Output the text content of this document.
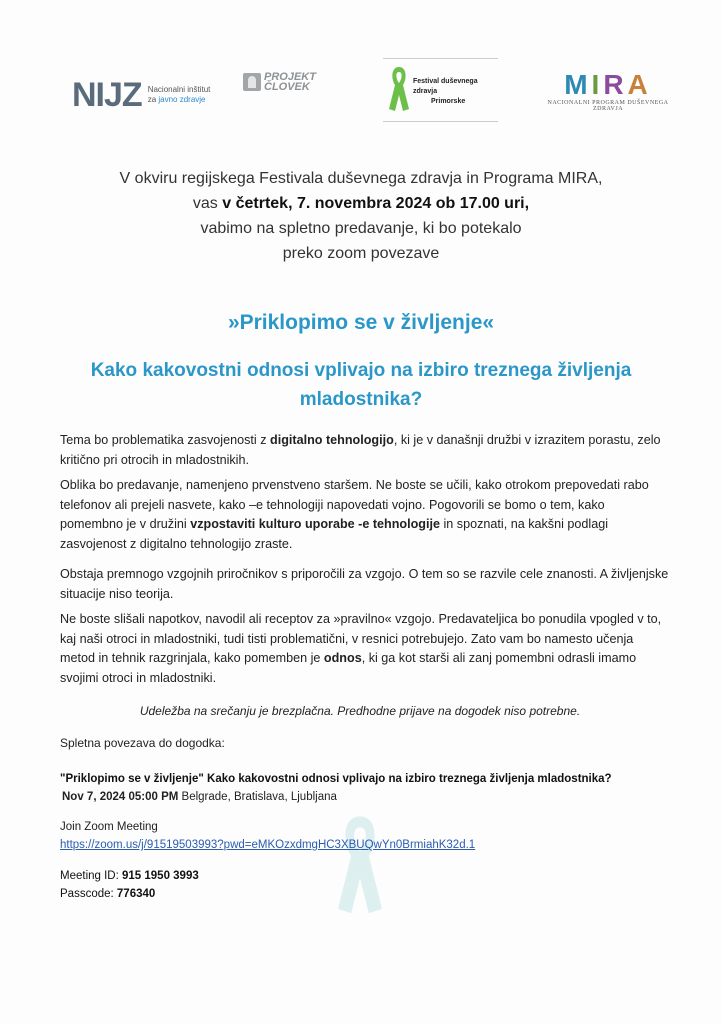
NIJZ Nacionalni inštitut
za javno zdravje
PROJEKT
ČLOVEK	Festival duševnega zdravja
Primorske
MIRA
NACIONALNI PROGRAM DUŠEVNEGA ZDRAVJA
V okviru regijskega Festivala duševnega zdravja in Programa MIRA,
vas v četrtek, 7. novembra 2024 ob 17.00 uri,
vabimo na spletno predavanje, ki bo potekalo
preko zoom povezave
»Priklopimo se v življenje«
Kako kakovostni odnosi vplivajo na izbiro treznega življenja mladostnika?
Tema bo problematika zasvojenosti z digitalno tehnologijo, ki je v današnji družbi v izrazitem porastu, zelo kritično pri otrocih in mladostnikih.
Oblika bo predavanje, namenjeno prvenstveno staršem. Ne boste se učili, kako otrokom prepovedati rabo telefonov ali prejeli nasvete, kako –e tehnologiji napovedati vojno. Pogovorili se bomo o tem, kako pomembno je v družini vzpostaviti kulturo uporabe -e tehnologije in spoznati, na kakšni podlagi zasvojenost z digitalno tehnologijo zraste.
Obstaja premnogo vzgojnih priročnikov s priporočili za vzgojo. O tem so se razvile cele znanosti. A življenjske situacije niso teorija.
Ne boste slišali napotkov, navodil ali receptov za »pravilno« vzgojo. Predavateljica bo ponudila vpogled v to, kaj naši otroci in mladostniki, tudi tisti problematični, v resnici potrebujejo. Zato vam bo namesto učenja metod in tehnik razgrinjala, kako pomemben je odnos, ki ga kot starši ali zanj pomembni odrasli imamo svojimi otroci in mladostniki.
Udeležba na srečanju je brezplačna. Predhodne prijave na dogodek niso potrebne.
Spletna povezava do dogodka:
"Priklopimo se v življenje" Kako kakovostni odnosi vplivajo na izbiro treznega življenja mladostnika?
Nov 7, 2024 05:00 PM Belgrade, Bratislava, Ljubljana
Join Zoom Meeting
https://zoom.us/j/91519503993?pwd=eMKOzxdmgHC3XBUQwYn0BrmiahK32d.1
Meeting ID: 915 1950 3993
Passcode: 776340
